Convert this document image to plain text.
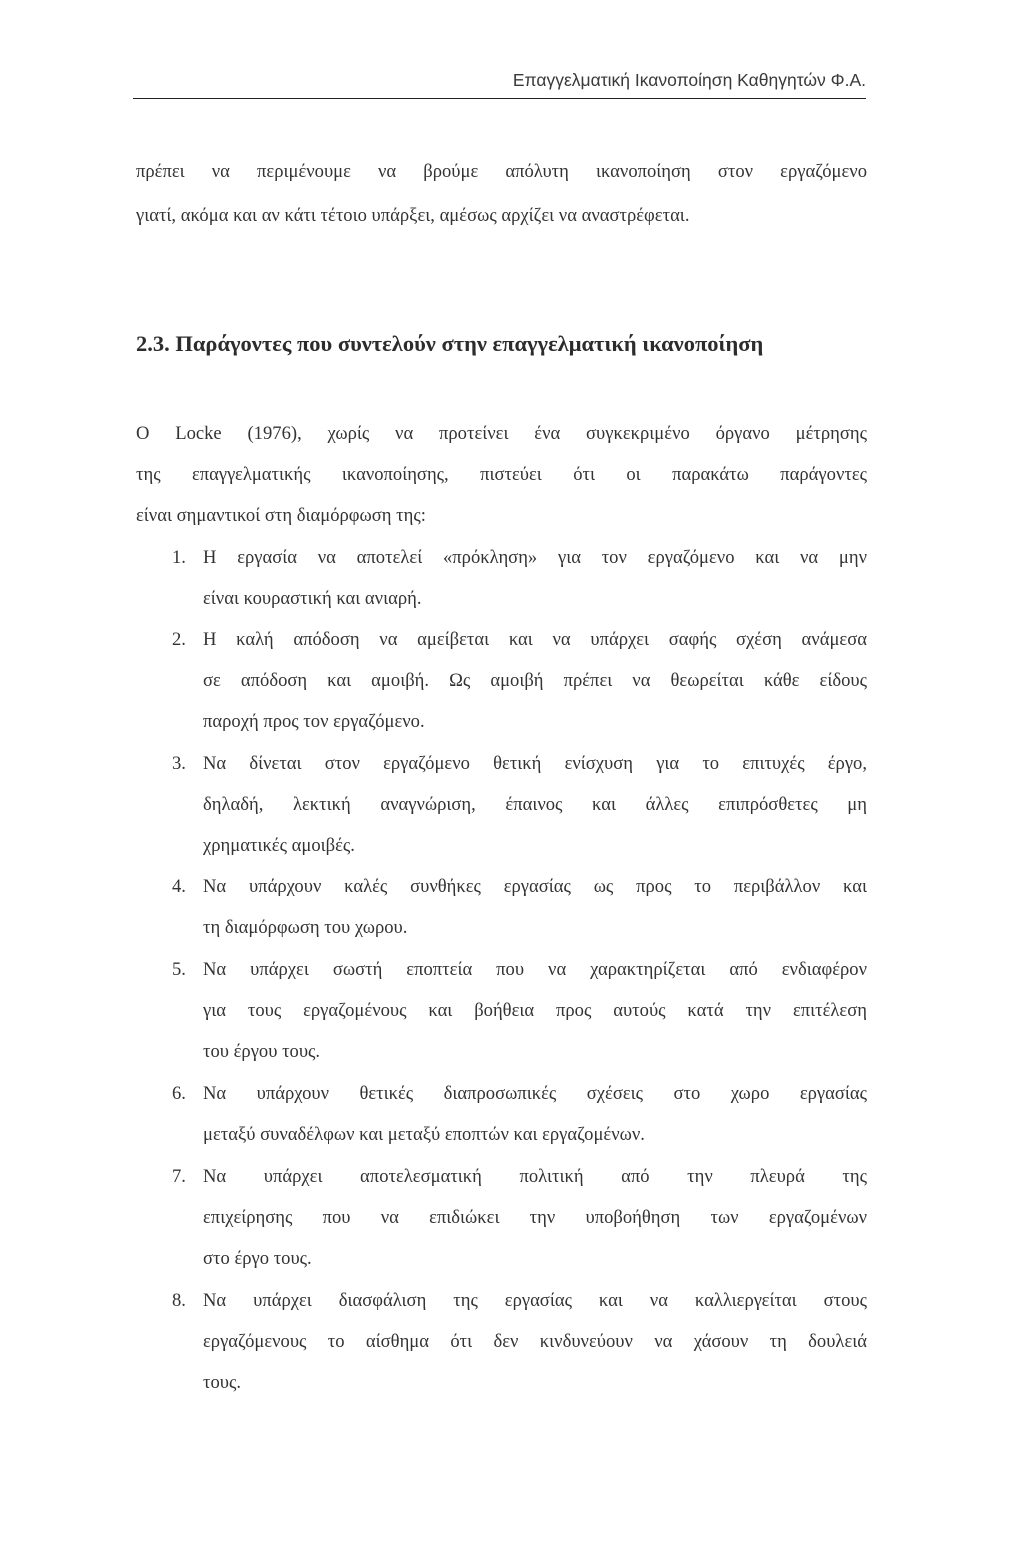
Επαγγελματική Ικανοποίηση Καθηγητών Φ.Α.
πρέπει να περιμένουμε να βρούμε απόλυτη ικανοποίηση στον εργαζόμενο
γιατί, ακόμα και αν κάτι τέτοιο υπάρξει, αμέσως αρχίζει να αναστρέφεται.
2.3. Παράγοντες που συντελούν στην επαγγελματική ικανοποίηση
Ο Locke (1976), χωρίς να προτείνει ένα συγκεκριμένο όργανο μέτρησης
της επαγγελματικής ικανοποίησης, πιστεύει ότι οι παρακάτω παράγοντες
είναι σημαντικοί στη διαμόρφωση της:
1. Η εργασία να αποτελεί «πρόκληση» για τον εργαζόμενο και να μην
είναι κουραστική και ανιαρή.
2. Η καλή απόδοση να αμείβεται και να υπάρχει σαφής σχέση ανάμεσα
σε απόδοση και αμοιβή. Ως αμοιβή πρέπει να θεωρείται κάθε είδους
παροχή προς τον εργαζόμενο.
3. Να δίνεται στον εργαζόμενο θετική ενίσχυση για το επιτυχές έργο,
δηλαδή, λεκτική αναγνώριση, έπαινος και άλλες επιπρόσθετες μη
χρηματικές αμοιβές.
4. Να υπάρχουν καλές συνθήκες εργασίας ως προς το περιβάλλον και
τη διαμόρφωση του χωρου.
5. Να υπάρχει σωστή εποπτεία που να χαρακτηρίζεται από ενδιαφέρον
για τους εργαζομένους και βοήθεια προς αυτούς κατά την επιτέλεση
του έργου τους.
6. Να υπάρχουν θετικές διαπροσωπικές σχέσεις στο χωρο εργασίας
μεταξύ συναδέλφων και μεταξύ εποπτών και εργαζομένων.
7. Να υπάρχει αποτελεσματική πολιτική από την πλευρά της
επιχείρησης που να επιδιώκει την υποβοήθηση των εργαζομένων
στο έργο τους.
8. Να υπάρχει διασφάλιση της εργασίας και να καλλιεργείται στους
εργαζόμενους το αίσθημα ότι δεν κινδυνεύουν να χάσουν τη δουλειά
τους.
